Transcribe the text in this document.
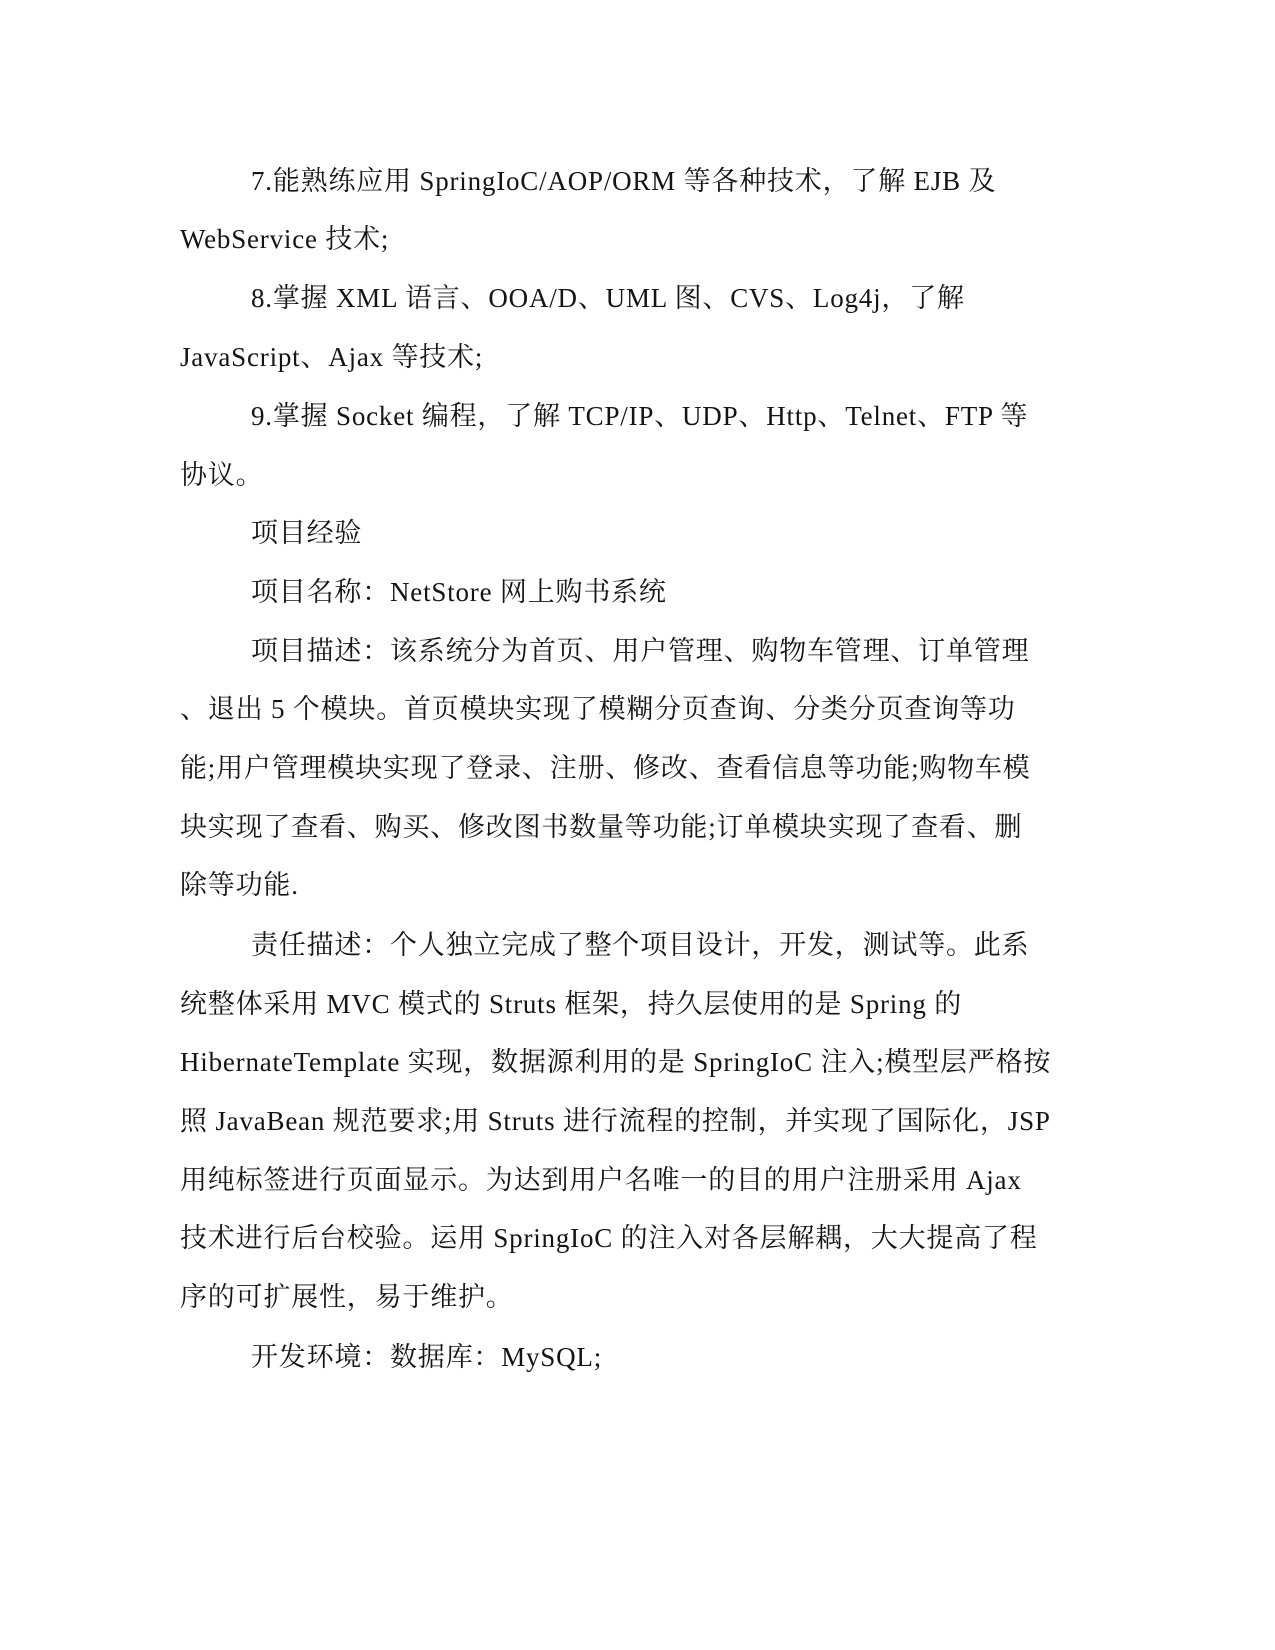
7.能熟练应用 SpringIoC/AOP/ORM 等各种技术，了解 EJB 及
WebService 技术;
8.掌握 XML 语言、OOA/D、UML 图、CVS、Log4j，了解
JavaScript、Ajax 等技术;
9.掌握 Socket 编程，了解 TCP/IP、UDP、Http、Telnet、FTP 等
协议。
项目经验
项目名称：NetStore 网上购书系统
项目描述：该系统分为首页、用户管理、购物车管理、订单管理
、退出 5 个模块。首页模块实现了模糊分页查询、分类分页查询等功
能;用户管理模块实现了登录、注册、修改、查看信息等功能;购物车模
块实现了查看、购买、修改图书数量等功能;订单模块实现了查看、删
除等功能.
责任描述：个人独立完成了整个项目设计，开发，测试等。此系
统整体采用 MVC 模式的 Struts 框架，持久层使用的是 Spring 的
HibernateTemplate 实现，数据源利用的是 SpringIoC 注入;模型层严格按
照 JavaBean 规范要求;用 Struts 进行流程的控制，并实现了国际化，JSP
用纯标签进行页面显示。为达到用户名唯一的目的用户注册采用 Ajax
技术进行后台校验。运用 SpringIoC 的注入对各层解耦，大大提高了程
序的可扩展性，易于维护。
开发环境：数据库：MySQL;
